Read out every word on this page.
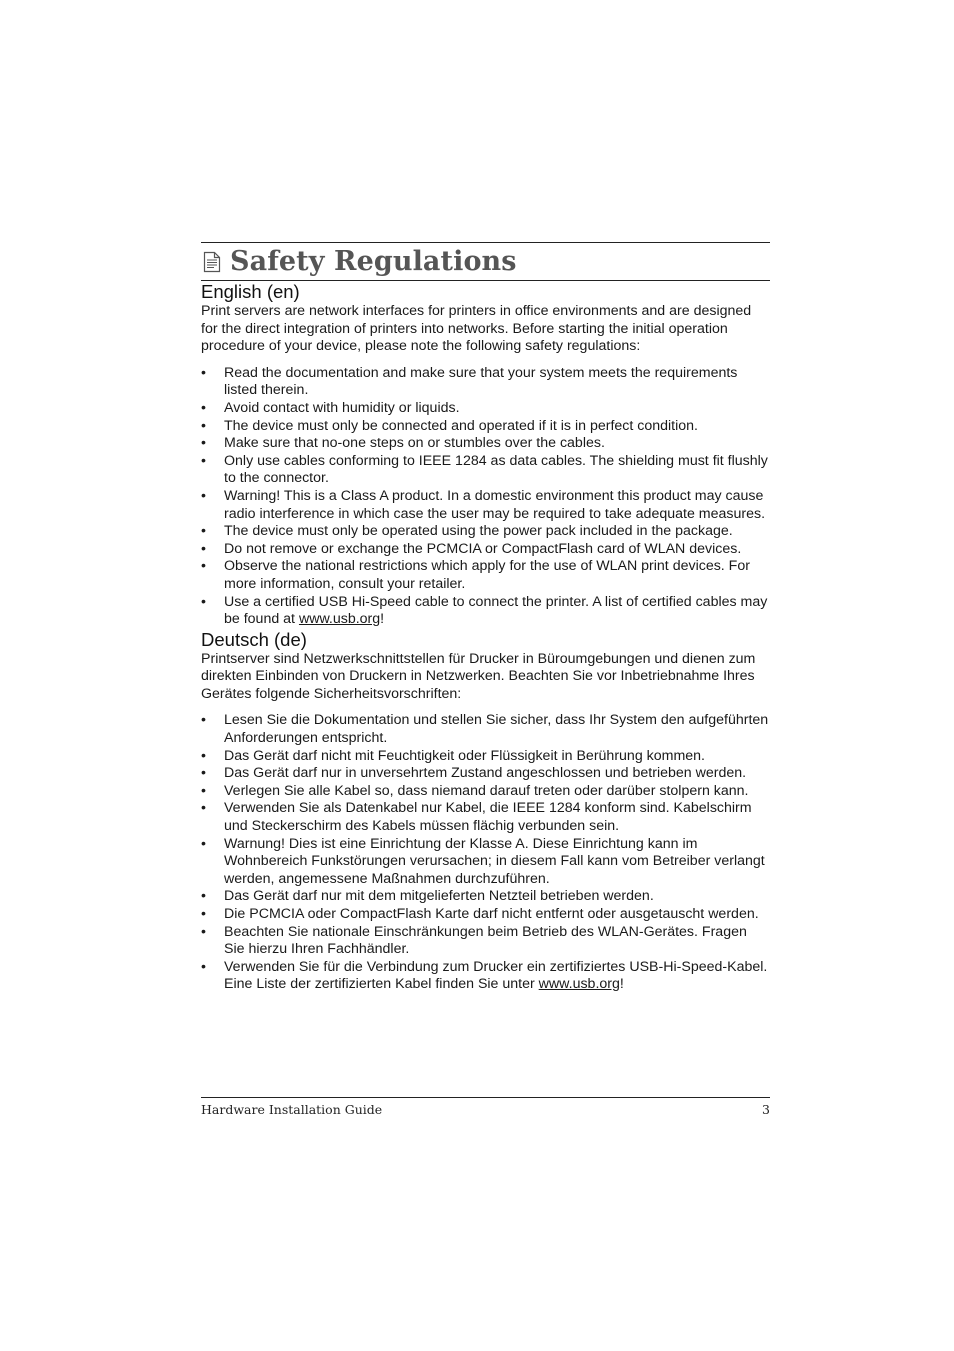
Safety Regulations
English (en)

Print servers are network interfaces for printers in office environments and are designed for the direct integration of printers into networks. Before starting the initial operation procedure of your device, please note the following safety regulations:

•	Read the documentation and make sure that your system meets the requirements listed therein.
•	Avoid contact with humidity or liquids.
•	The device must only be connected and operated if it is in perfect condition.
•	Make sure that no-one steps on or stumbles over the cables.
•	Only use cables conforming to IEEE 1284 as data cables. The shielding must fit flushly to the connector.
•	Warning! This is a Class A product. In a domestic environment this product may cause radio interference in which case the user may be required to take adequate measures.
•	The device must only be operated using the power pack included in the package.
•	Do not remove or exchange the PCMCIA or CompactFlash card of WLAN devices.
•	Observe the national restrictions which apply for the use of WLAN print devices. For more information, consult your retailer.
•	Use a certified USB Hi-Speed cable to connect the printer. A list of certified cables may be found at www.usb.org!
Deutsch (de)

Printserver sind Netzwerkschnittstellen für Drucker in Büroumgebungen und dienen zum direkten Einbinden von Druckern in Netzwerken. Beachten Sie vor Inbetriebnahme Ihres Gerätes folgende Sicherheitsvorschriften:

•	Lesen Sie die Dokumentation und stellen Sie sicher, dass Ihr System den aufgeführten Anforderungen entspricht.
•	Das Gerät darf nicht mit Feuchtigkeit oder Flüssigkeit in Berührung kommen.
•	Das Gerät darf nur in unversehrtem Zustand angeschlossen und betrieben werden.
•	Verlegen Sie alle Kabel so, dass niemand darauf treten oder darüber stolpern kann.
•	Verwenden Sie als Datenkabel nur Kabel, die IEEE 1284 konform sind. Kabelschirm und Steckerschirm des Kabels müssen flächig verbunden sein.
•	Warnung! Dies ist eine Einrichtung der Klasse A. Diese Einrichtung kann im Wohnbereich Funkstörungen verursachen; in diesem Fall kann vom Betreiber verlangt werden, angemessene Maßnahmen durchzuführen.
•	Das Gerät darf nur mit dem mitgelieferten Netzteil betrieben werden.
•	Die PCMCIA oder CompactFlash Karte darf nicht entfernt oder ausgetauscht werden.
•	Beachten Sie nationale Einschränkungen beim Betrieb des WLAN-Gerätes. Fragen Sie hierzu Ihren Fachhändler.
•	Verwenden Sie für die Verbindung zum Drucker ein zertifiziertes USB-Hi-Speed-Kabel. Eine Liste der zertifizierten Kabel finden Sie unter www.usb.org!
Hardware Installation Guide	3
